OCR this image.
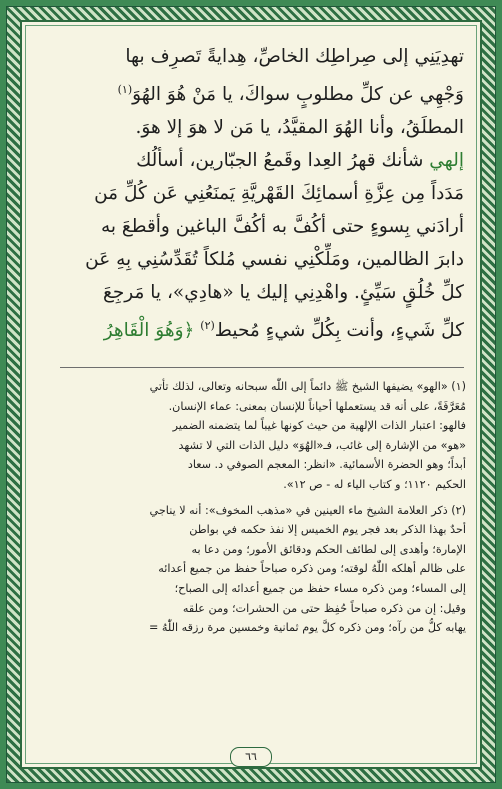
تهدِيَنِي إلى صِراطِك الخاصِّ، هِدايةً تَصرِف بها

وَجْهِي عن كلِّ مطلوبٍ سواكَ، يا مَنْ هُوَ الهُوَ$^{(١)}$

المطلَقُ، وأنا الهُوَ المقيَّدُ، يا مَن لا هوَ إلا هوَ.

إلهي شأنك قهرُ العِدا وقَمعُ الجبّارين، أسألُك

مَدَداً مِن عِزَّةِ أسمائِكَ القَهْريَّةِ يَمنَعُنِي عَن كُلِّ مَن

أرادَني بِسوءٍ حتى أكُفَّ به أكُفَّ الباغين وأقطعَ به

دابرَ الظالمين، ومَلِّكْنِي نفسي مُلكاً تُقَدِّسُنِي بِهِ عَن

كلِّ خُلُقٍ سَيِّئٍ. واهْدِنِي إليك يا «هادِي»، يا مَرجِعَ

كلِّ شَيءٍ، وأنت بِكُلِّ شيءٍ مُحيط$^{(٢)}$ ﴿وَهُوَ الْقَاهِرُ

(١) «الهو» يضيفها الشيخ ﷺ دائماً إلى اللّٰه سبحانه وتعالى، لذلك تأتي

مُعَرَّفَةً، على أنه قد يستعملها أحياناً للإنسان بمعنى: عماء الإنسان.

فالهو: اعتبار الذات الإلهية من حيث كونها غيباً لما يتضمنه الضمير

«هو» من الإشارة إلى غائب، فـ«الهُوَ» دليل الذات التي لا تشهد

أبداً؛ وهو الحضرة الأسمائية. «انظر: المعجم الصوفي د. سعاد

الحكيم ١١٢٠؛ و كتاب الياء له - ص ١٢».

(٢) ذكر العلامة الشيخ ماء العينين في «مذهب المخوف»: أنه لا يناجي

أحدٌ بهذا الذكر بعد فجر يوم الخميس إلا نفذ حكمه في بواطن

الإمارة؛ وأهدى إلى لطائف الحكم ودقائق الأمور؛ ومن دعا به

على ظالم أهلكه اللّٰهُ لوقته؛ ومن ذكره صباحاً حفظ من جميع أعدائه

إلى المساء؛ ومن ذكره مساء حفظ من جميع أعدائه إلى الصباح؛

وقيل: إن من ذكره صباحاً حُفِظ حتى من الحشرات؛ ومن علقه

يهابه كلُّ من رآه؛ ومن ذكره كلَّ يوم ثمانية وخمسين مرة رزقه اللّٰهُ =

٦٦
